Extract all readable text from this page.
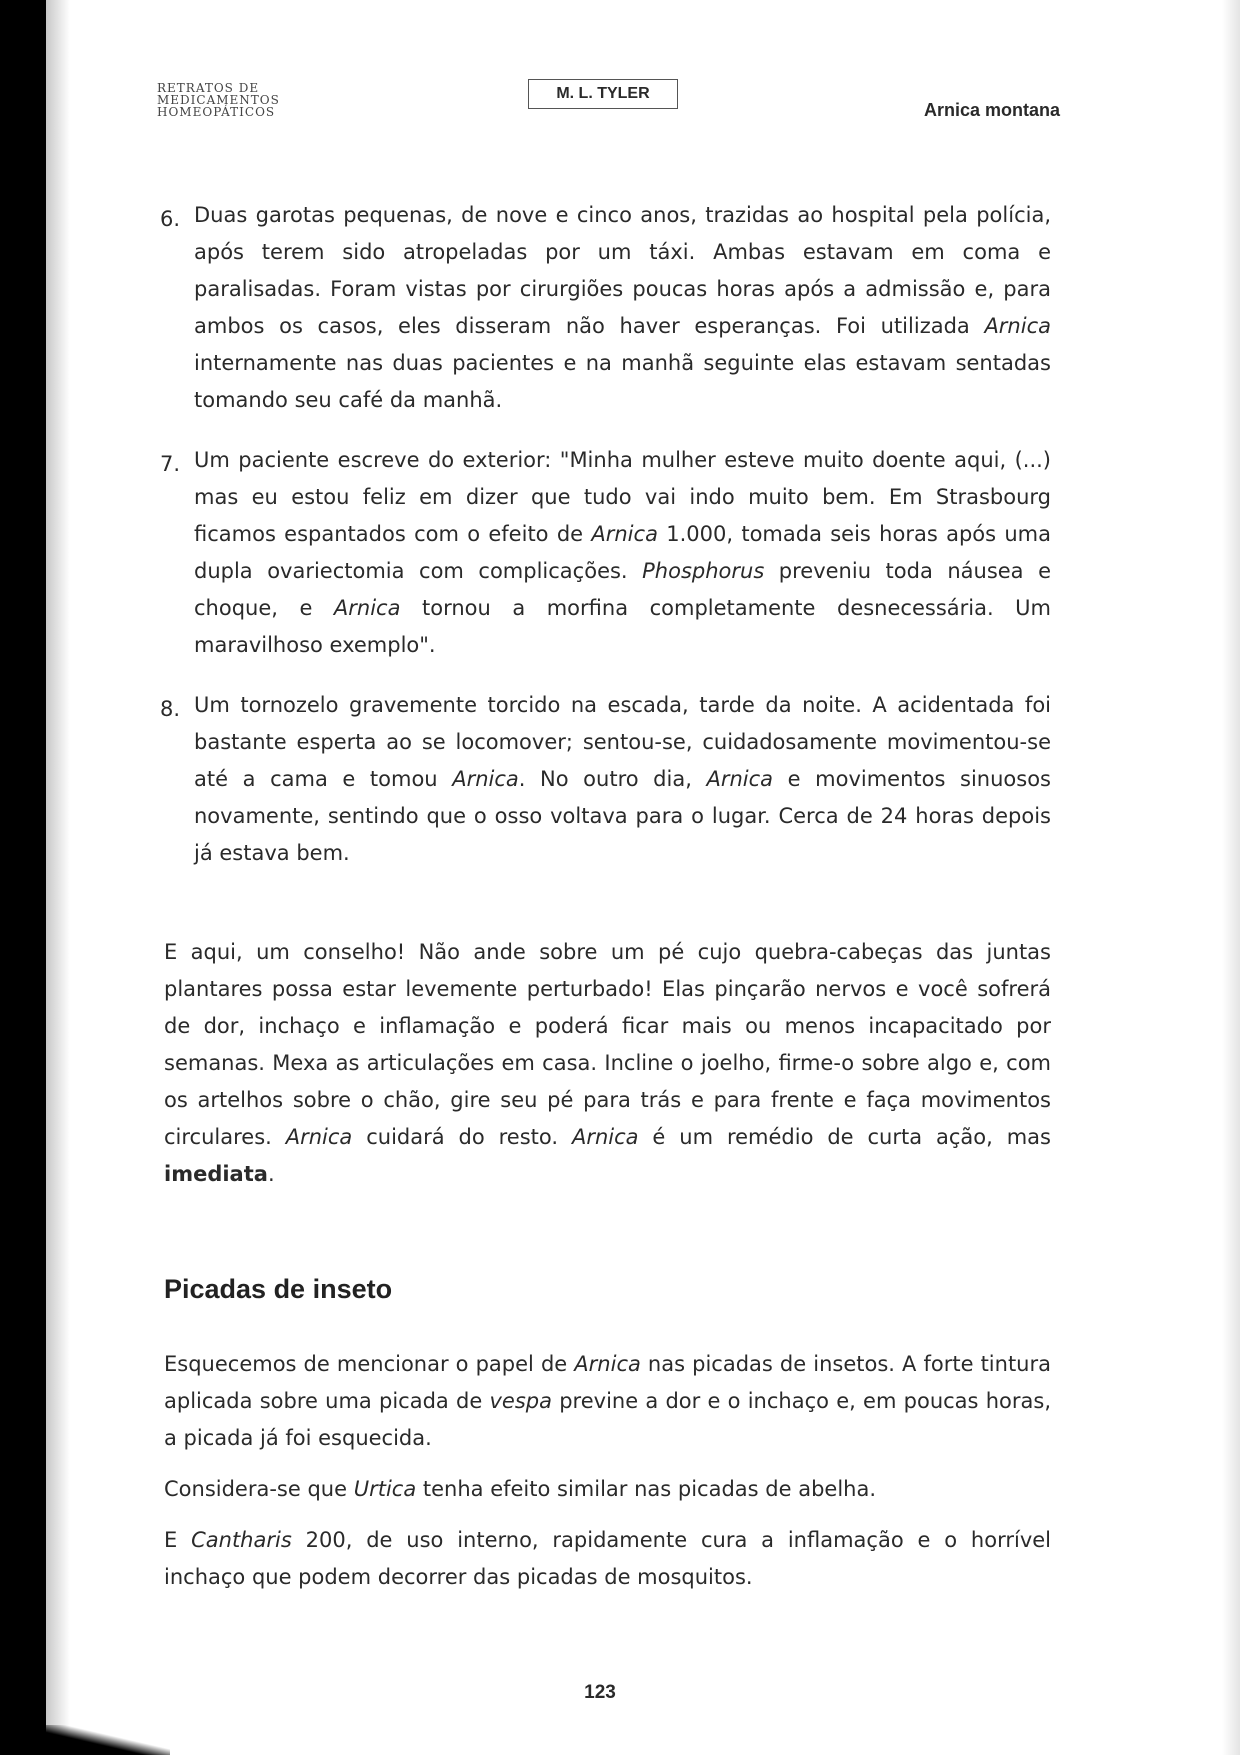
RETRATOS DE
MEDICAMENTOS
HOMEOPÁTICOS
M. L. TYLER
Arnica montana
6. Duas garotas pequenas, de nove e cinco anos, trazidas ao hospital pela polícia, após terem sido atropeladas por um táxi. Ambas estavam em coma e paralisadas. Foram vistas por cirurgiões poucas horas após a admissão e, para ambos os casos, eles disseram não haver esperanças. Foi utilizada Arnica internamente nas duas pacientes e na manhã seguinte elas estavam sentadas tomando seu café da manhã.

7. Um paciente escreve do exterior: "Minha mulher esteve muito doente aqui, (...) mas eu estou feliz em dizer que tudo vai indo muito bem. Em Strasbourg ficamos espantados com o efeito de Arnica 1.000, tomada seis horas após uma dupla ovariectomia com complicações. Phosphorus preveniu toda náusea e choque, e Arnica tornou a morfina completamente desnecessária. Um maravilhoso exemplo".

8. Um tornozelo gravemente torcido na escada, tarde da noite. A acidentada foi bastante esperta ao se locomover; sentou-se, cuidadosamente movimentou-se até a cama e tomou Arnica. No outro dia, Arnica e movimentos sinuosos novamente, sentindo que o osso voltava para o lugar. Cerca de 24 horas depois já estava bem.

E aqui, um conselho! Não ande sobre um pé cujo quebra-cabeças das juntas plantares possa estar levemente perturbado! Elas pinçarão nervos e você sofrerá de dor, inchaço e inflamação e poderá ficar mais ou menos incapacitado por semanas. Mexa as articulações em casa. Incline o joelho, firme-o sobre algo e, com os artelhos sobre o chão, gire seu pé para trás e para frente e faça movimentos circulares. Arnica cuidará do resto. Arnica é um remédio de curta ação, mas imediata.

Picadas de inseto

Esquecemos de mencionar o papel de Arnica nas picadas de insetos. A forte tintura aplicada sobre uma picada de vespa previne a dor e o inchaço e, em poucas horas, a picada já foi esquecida.

Considera-se que Urtica tenha efeito similar nas picadas de abelha.

E Cantharis 200, de uso interno, rapidamente cura a inflamação e o horrível inchaço que podem decorrer das picadas de mosquitos.

123
